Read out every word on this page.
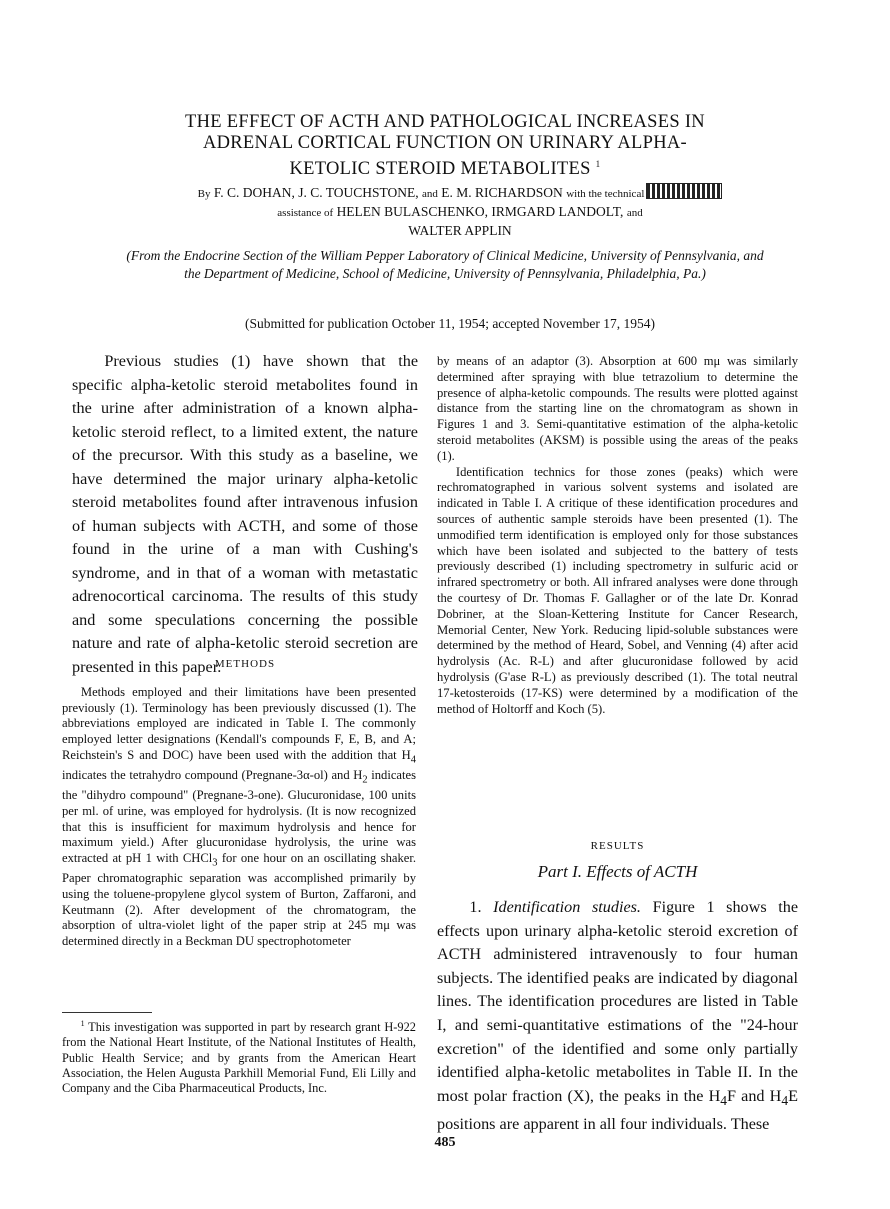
THE EFFECT OF ACTH AND PATHOLOGICAL INCREASES IN
ADRENAL CORTICAL FUNCTION ON URINARY ALPHA-
KETOLIC STEROID METABOLITES $^1$
By F. C. DOHAN, J. C. TOUCHSTONE, and E. M. RICHARDSON with the technical
assistance of HELEN BULASCHENKO, IRMGARD LANDOLT, and
WALTER APPLIN
(From the Endocrine Section of the William Pepper Laboratory of Clinical Medicine, University of Pennsylvania, and the Department of Medicine, School of Medicine, University of Pennsylvania, Philadelphia, Pa.)
(Submitted for publication October 11, 1954; accepted November 17, 1954)

Previous studies (1) have shown that the specific alpha-ketolic steroid metabolites found in the urine after administration of a known alpha-ketolic steroid reflect, to a limited extent, the nature of the precursor. With this study as a baseline, we have determined the major urinary alpha-ketolic steroid metabolites found after intravenous infusion of human subjects with ACTH, and some of those found in the urine of a man with Cushing's syndrome, and in that of a woman with metastatic adrenocortical carcinoma. The results of this study and some speculations concerning the possible nature and rate of alpha-ketolic steroid secretion are presented in this paper.

METHODS

Methods employed and their limitations have been presented previously (1). Terminology has been previously discussed (1). The abbreviations employed are indicated in Table I. The commonly employed letter designations (Kendall's compounds F, E, B, and A; Reichstein's S and DOC) have been used with the addition that $H_4$ indicates the tetrahydro compound (Pregnane-3α-ol) and $H_2$ indicates the "dihydro compound" (Pregnane-3-one). Glucuronidase, 100 units per ml. of urine, was employed for hydrolysis. (It is now recognized that this is insufficient for maximum hydrolysis and hence for maximum yield.) After glucuronidase hydrolysis, the urine was extracted at pH 1 with CHCl$_3$ for one hour on an oscillating shaker. Paper chromatographic separation was accomplished primarily by using the toluene-propylene glycol system of Burton, Zaffaroni, and Keutmann (2). After development of the chromatogram, the absorption of ultra-violet light of the paper strip at 245 mμ was determined directly in a Beckman DU spectrophotometer

$^1$ This investigation was supported in part by research grant H-922 from the National Heart Institute, of the National Institutes of Health, Public Health Service; and by grants from the American Heart Association, the Helen Augusta Parkhill Memorial Fund, Eli Lilly and Company and the Ciba Pharmaceutical Products, Inc.

by means of an adaptor (3). Absorption at 600 mμ was similarly determined after spraying with blue tetrazolium to determine the presence of alpha-ketolic compounds. The results were plotted against distance from the starting line on the chromatogram as shown in Figures 1 and 3. Semi-quantitative estimation of the alpha-ketolic steroid metabolites (AKSM) is possible using the areas of the peaks (1).

Identification technics for those zones (peaks) which were rechromatographed in various solvent systems and isolated are indicated in Table I. A critique of these identification procedures and sources of authentic sample steroids have been presented (1). The unmodified term identification is employed only for those substances which have been isolated and subjected to the battery of tests previously described (1) including spectrometry in sulfuric acid or infrared spectrometry or both. All infrared analyses were done through the courtesy of Dr. Thomas F. Gallagher or of the late Dr. Konrad Dobriner, at the Sloan-Kettering Institute for Cancer Research, Memorial Center, New York. Reducing lipid-soluble substances were determined by the method of Heard, Sobel, and Venning (4) after acid hydrolysis (Ac. R-L) and after glucuronidase followed by acid hydrolysis (G'ase R-L) as previously described (1). The total neutral 17-ketosteroids (17-KS) were determined by a modification of the method of Holtorff and Koch (5).

RESULTS
Part I. Effects of ACTH

1. Identification studies. Figure 1 shows the effects upon urinary alpha-ketolic steroid excretion of ACTH administered intravenously to four human subjects. The identified peaks are indicated by diagonal lines. The identification procedures are listed in Table I, and semi-quantitative estimations of the "24-hour excretion" of the identified and some only partially identified alpha-ketolic metabolites in Table II. In the most polar fraction (X), the peaks in the $H_4F$ and $H_4E$ positions are apparent in all four individuals. These

485
